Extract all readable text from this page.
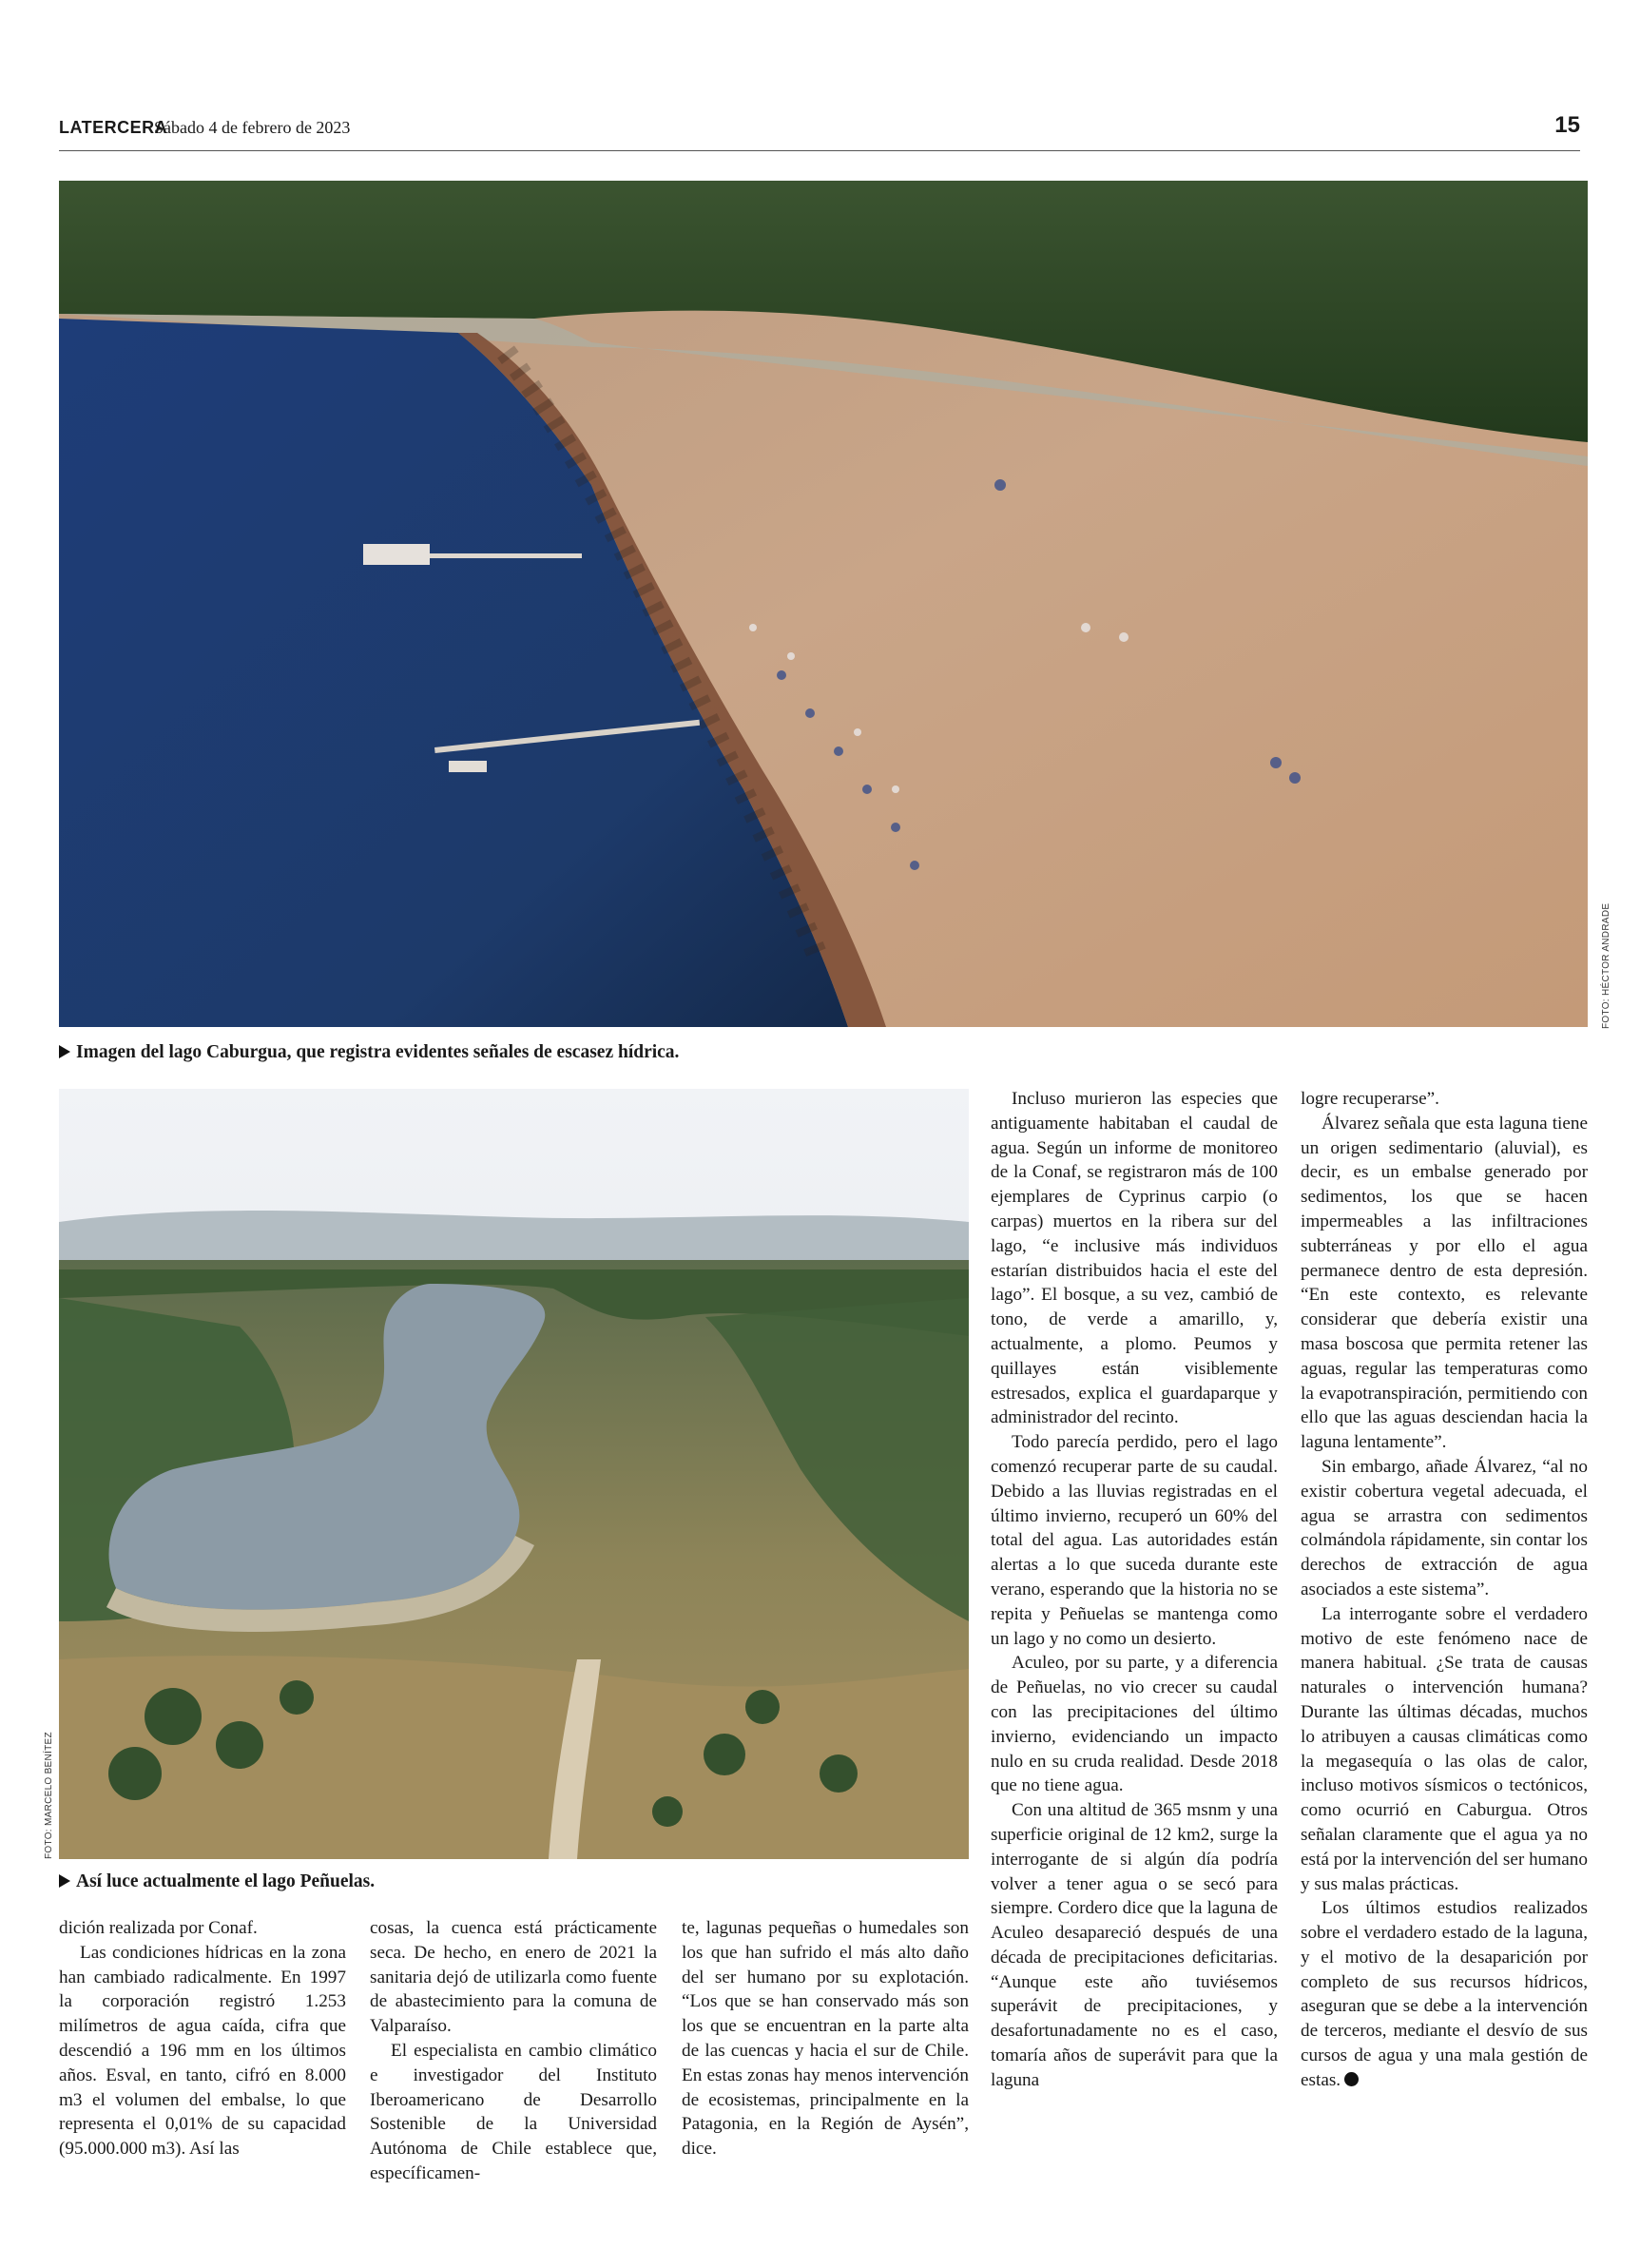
LATERCERA
Sábado 4 de febrero de 2023	15
FOTO: HÉCTOR ANDRADE
Imagen del lago Caburgua, que registra evidentes señales de escasez hídrica.
FOTO: MARCELO BENÍTEZ
Así luce actualmente el lago Peñuelas.

dición realizada por Conaf.

Las condiciones hídricas en la zona han cambiado radicalmente. En 1997 la corporación registró 1.253 milímetros de agua caída, cifra que descendió a 196 mm en los últimos años. Esval, en tanto, cifró en 8.000 m3 el volumen del embalse, lo que representa el 0,01% de su capacidad (95.000.000 m3). Así las

cosas, la cuenca está prácticamente seca. De hecho, en enero de 2021 la sanitaria dejó de utilizarla como fuente de abastecimiento para la comuna de Valparaíso.

El especialista en cambio climático e investigador del Instituto Iberoamericano de Desarrollo Sostenible de la Universidad Autónoma de Chile establece que, específicamen-

te, lagunas pequeñas o humedales son los que han sufrido el más alto daño del ser humano por su explotación. “Los que se han conservado más son los que se encuentran en la parte alta de las cuencas y hacia el sur de Chile. En estas zonas hay menos intervención de ecosistemas, principalmente en la Patagonia, en la Región de Aysén”, dice.

Incluso murieron las especies que antiguamente habitaban el caudal de agua. Según un informe de monitoreo de la Conaf, se registraron más de 100 ejemplares de Cyprinus carpio (o carpas) muertos en la ribera sur del lago, “e inclusive más individuos estarían distribuidos hacia el este del lago”. El bosque, a su vez, cambió de tono, de verde a amarillo, y, actualmente, a plomo. Peumos y quillayes están visiblemente estresados, explica el guardaparque y administrador del recinto.

Todo parecía perdido, pero el lago comenzó recuperar parte de su caudal. Debido a las lluvias registradas en el último invierno, recuperó un 60% del total del agua. Las autoridades están alertas a lo que suceda durante este verano, esperando que la historia no se repita y Peñuelas se mantenga como un lago y no como un desierto.

Aculeo, por su parte, y a diferencia de Peñuelas, no vio crecer su caudal con las precipitaciones del último invierno, evidenciando un impacto nulo en su cruda realidad. Desde 2018 que no tiene agua.

Con una altitud de 365 msnm y una superficie original de 12 km2, surge la interrogante de si algún día podría volver a tener agua o se secó para siempre. Cordero dice que la laguna de Aculeo desapareció después de una década de precipitaciones deficitarias. “Aunque este año tuviésemos superávit de precipitaciones, y desafortunadamente no es el caso, tomaría años de superávit para que la laguna

logre recuperarse”.

Álvarez señala que esta laguna tiene un origen sedimentario (aluvial), es decir, es un embalse generado por sedimentos, los que se hacen impermeables a las infiltraciones subterráneas y por ello el agua permanece dentro de esta depresión. “En este contexto, es relevante considerar que debería existir una masa boscosa que permita retener las aguas, regular las temperaturas como la evapotranspiración, permitiendo con ello que las aguas desciendan hacia la laguna lentamente”.

Sin embargo, añade Álvarez, “al no existir cobertura vegetal adecuada, el agua se arrastra con sedimentos colmándola rápidamente, sin contar los derechos de extracción de agua asociados a este sistema”.

La interrogante sobre el verdadero motivo de este fenómeno nace de manera habitual. ¿Se trata de causas naturales o intervención humana? Durante las últimas décadas, muchos lo atribuyen a causas climáticas como la megasequía o las olas de calor, incluso motivos sísmicos o tectónicos, como ocurrió en Caburgua. Otros señalan claramente que el agua ya no está por la intervención del ser humano y sus malas prácticas.

Los últimos estudios realizados sobre el verdadero estado de la laguna, y el motivo de la desaparición por completo de sus recursos hídricos, aseguran que se debe a la intervención de terceros, mediante el desvío de sus cursos de agua y una mala gestión de estas.
